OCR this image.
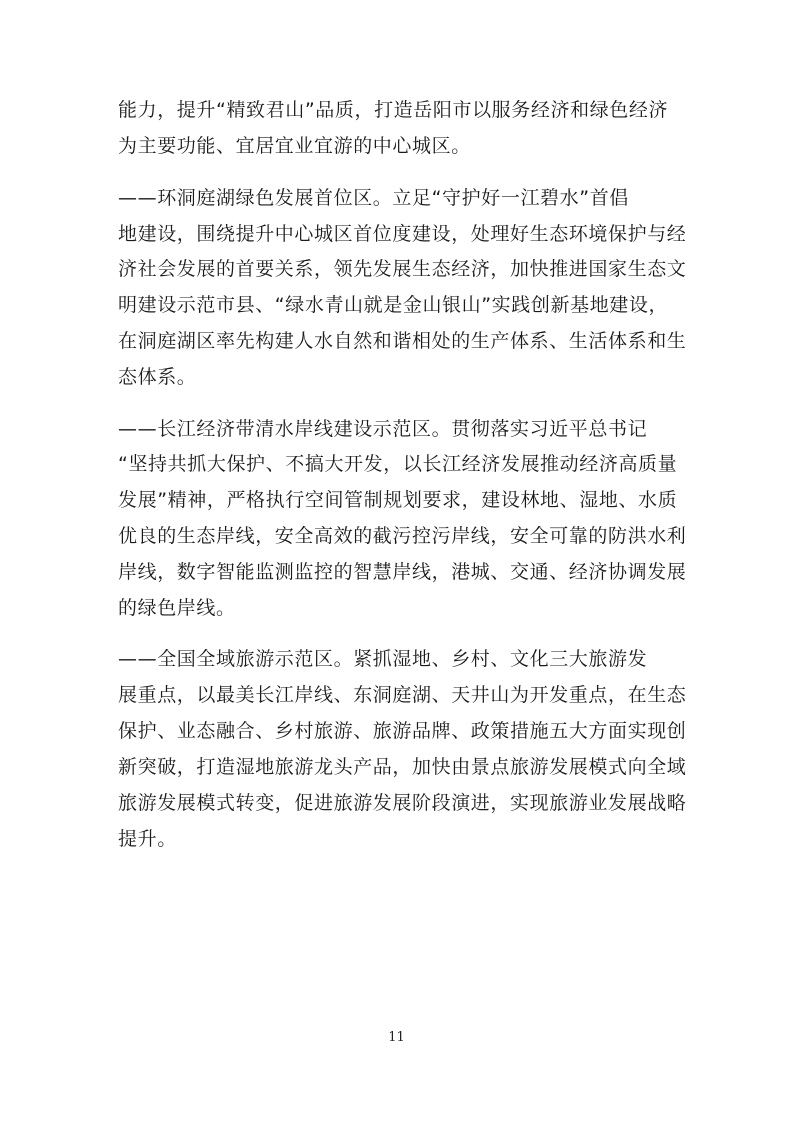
能力，提升“精致君山”品质，打造岳阳市以服务经济和绿色经济
为主要功能、宜居宜业宜游的中心城区。
——环洞庭湖绿色发展首位区。立足“守护好一江碧水”首倡
地建设，围绕提升中心城区首位度建设，处理好生态环境保护与经
济社会发展的首要关系，领先发展生态经济，加快推进国家生态文
明建设示范市县、“绿水青山就是金山银山”实践创新基地建设，
在洞庭湖区率先构建人水自然和谐相处的生产体系、生活体系和生
态体系。
——长江经济带清水岸线建设示范区。贯彻落实习近平总书记
“坚持共抓大保护、不搞大开发，以长江经济发展推动经济高质量
发展”精神，严格执行空间管制规划要求，建设林地、湿地、水质
优良的生态岸线，安全高效的截污控污岸线，安全可靠的防洪水利
岸线，数字智能监测监控的智慧岸线，港城、交通、经济协调发展
的绿色岸线。
——全国全域旅游示范区。紧抓湿地、乡村、文化三大旅游发
展重点，以最美长江岸线、东洞庭湖、天井山为开发重点，在生态
保护、业态融合、乡村旅游、旅游品牌、政策措施五大方面实现创
新突破，打造湿地旅游龙头产品，加快由景点旅游发展模式向全域
旅游发展模式转变，促进旅游发展阶段演进，实现旅游业发展战略
提升。
11
